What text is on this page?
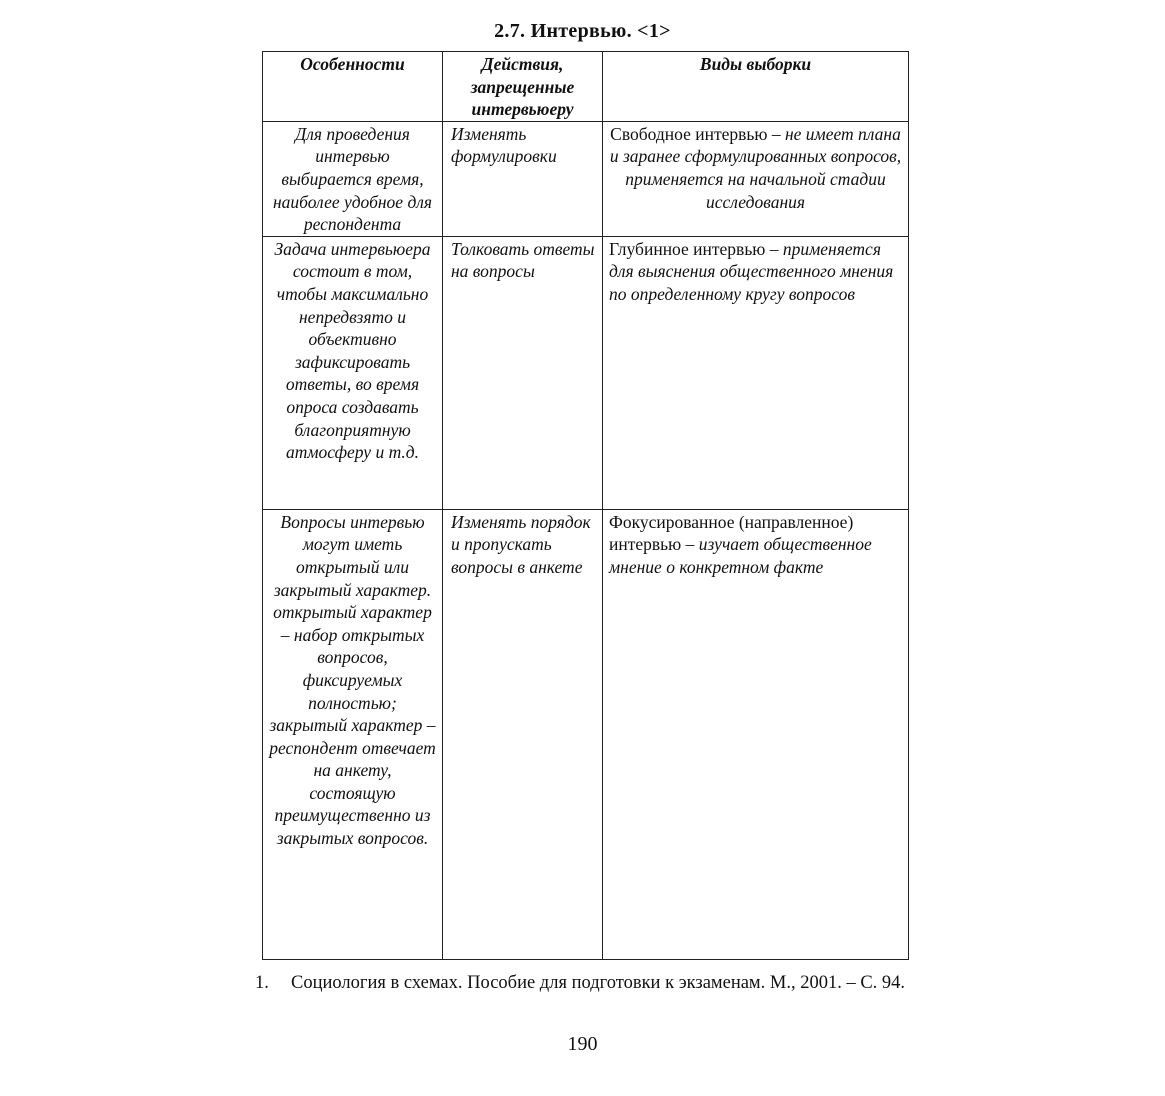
2.7. Интервью. <1>
Особенности	Действия, запрещенные интервьюеру	Виды выборки
Для проведения интервью выбирается время, наиболее удобное для респондента	Изменять формулировки	Свободное интервью – не имеет плана и заранее сформулированных вопросов, применяется на начальной стадии исследования
Задача интервьюера состоит в том, чтобы максимально непредвзято и объективно зафиксировать ответы, во время опроса создавать благоприятную атмосферу и т.д.	Толковать ответы на вопросы	Глубинное интервью – применяется для выяснения общественного мнения по определенному кругу вопросов
Вопросы интервью могут иметь открытый или закрытый характер. открытый характер – набор открытых вопросов, фиксируемых полностью; закрытый характер – респондент отвечает на анкету, состоящую преимущественно из закрытых вопросов.	Изменять порядок и пропускать вопросы в анкете	Фокусированное (направленное) интервью – изучает общественное мнение о конкретном факте
1. Социология в схемах. Пособие для подготовки к экзаменам. М., 2001. – С. 94.
190
